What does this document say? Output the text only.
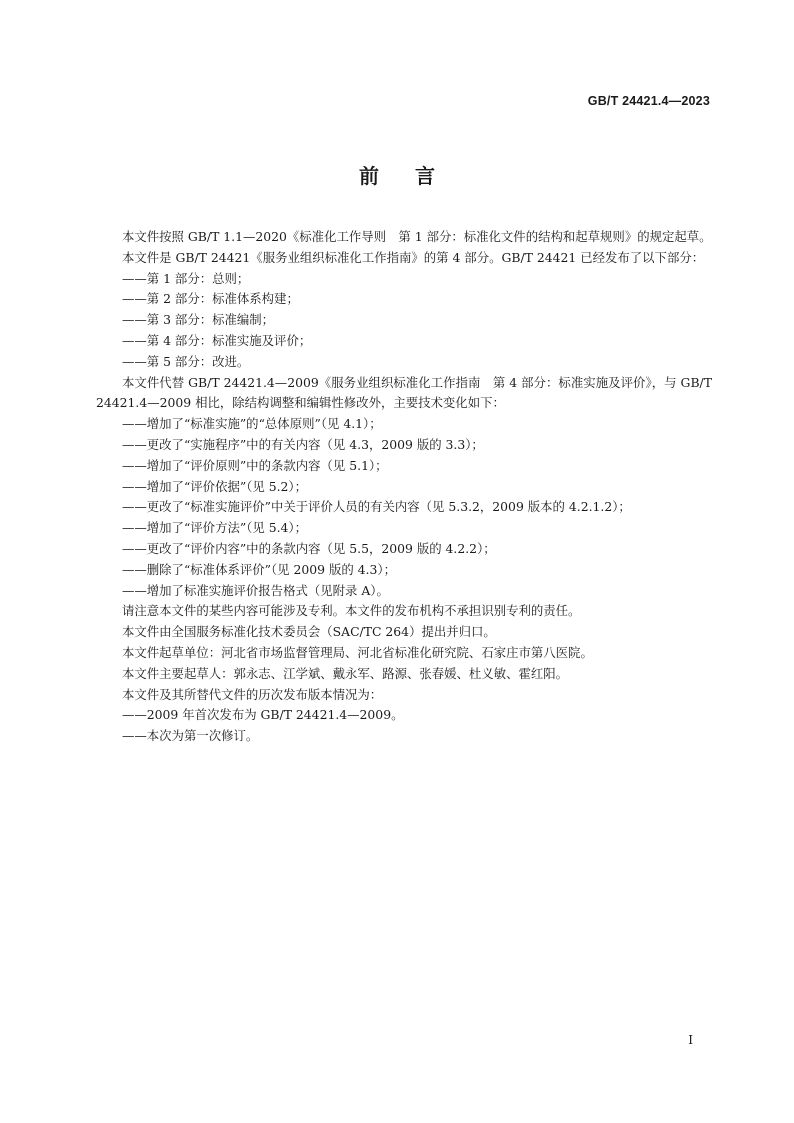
GB/T 24421.4—2023
前言

本文件按照 GB/T 1.1—2020《标准化工作导则　第 1 部分：标准化文件的结构和起草规则》的规定起草。

本文件是 GB/T 24421《服务业组织标准化工作指南》的第 4 部分。GB/T 24421 已经发布了以下部分：

——第 1 部分：总则；

——第 2 部分：标准体系构建；

——第 3 部分：标准编制；

——第 4 部分：标准实施及评价；

——第 5 部分：改进。

本文件代替 GB/T 24421.4—2009《服务业组织标准化工作指南　第 4 部分：标准实施及评价》，与 GB/T 24421.4—2009 相比，除结构调整和编辑性修改外，主要技术变化如下：

——增加了“标准实施”的“总体原则”（见 4.1）；

——更改了“实施程序”中的有关内容（见 4.3，2009 版的 3.3）；

——增加了“评价原则”中的条款内容（见 5.1）；

——增加了“评价依据”（见 5.2）；

——更改了“标准实施评价”中关于评价人员的有关内容（见 5.3.2，2009 版本的 4.2.1.2）；

——增加了“评价方法”（见 5.4）；

——更改了“评价内容”中的条款内容（见 5.5，2009 版的 4.2.2）；

——删除了“标准体系评价”（见 2009 版的 4.3）；

——增加了标准实施评价报告格式（见附录 A）。

请注意本文件的某些内容可能涉及专利。本文件的发布机构不承担识别专利的责任。

本文件由全国服务标准化技术委员会（SAC/TC 264）提出并归口。

本文件起草单位：河北省市场监督管理局、河北省标准化研究院、石家庄市第八医院。

本文件主要起草人：郭永志、江学斌、戴永军、路源、张春媛、杜义敏、霍红阳。

本文件及其所替代文件的历次发布版本情况为：

——2009 年首次发布为 GB/T 24421.4—2009。

——本次为第一次修订。

I
